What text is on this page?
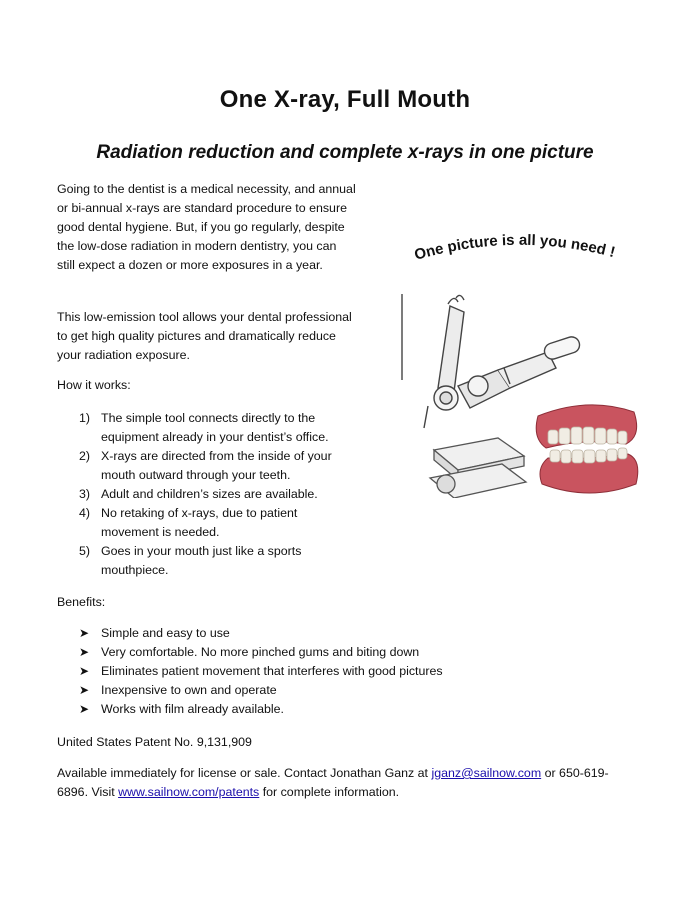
One X-ray, Full Mouth
Radiation reduction and complete x-rays in one picture

Going to the dentist is a medical necessity, and annual or bi-annual x-rays are standard procedure to ensure good dental hygiene. But, if you go regularly, despite the low-dose radiation in modern dentistry, you can still expect a dozen or more exposures in a year.

This low-emission tool allows your dental professional to get high quality pictures and dramatically reduce your radiation exposure.

How it works:

1) The simple tool connects directly to the equipment already in your dentist’s office.
2) X-rays are directed from the inside of your mouth outward through your teeth.
3) Adult and children’s sizes are available.
4) No retaking of x-rays, due to patient movement is needed.
5) Goes in your mouth just like a sports mouthpiece.

Benefits:

➤ Simple and easy to use
➤ Very comfortable. No more pinched gums and biting down
➤ Eliminates patient movement that interferes with good pictures
➤ Inexpensive to own and operate
➤ Works with film already available.

United States Patent No. 9,131,909

Available immediately for license or sale. Contact Jonathan Ganz at jganz@sailnow.com or 650-619-6896. Visit www.sailnow.com/patents for complete information.

One picture is all you need !
